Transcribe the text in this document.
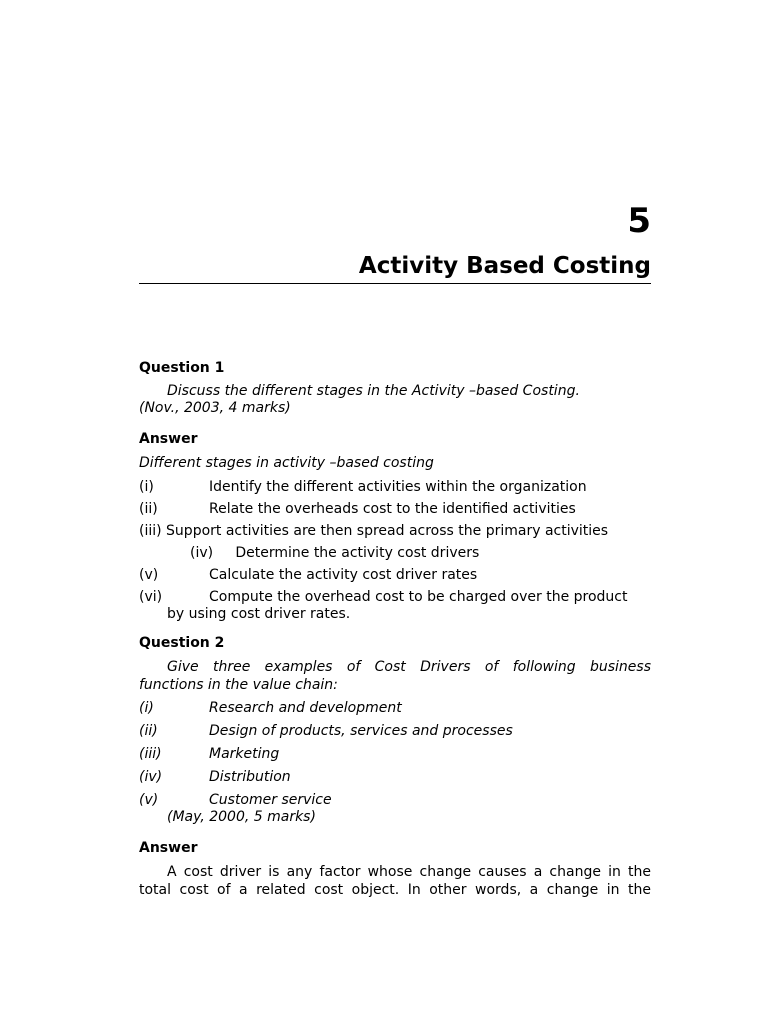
5
Activity Based Costing
Question 1
Discuss the different stages in the Activity –based Costing.
(Nov., 2003, 4 marks)
Answer
Different stages in activity –based costing
(i)	Identify the different activities within the organization
(ii)	Relate the overheads cost to the identified activities
(iii) Support activities are then spread across the primary activities
(iv)     Determine the activity cost drivers
(v)	Calculate the activity cost driver rates
(vi)	Compute the overhead cost to be charged over the product
by using cost driver rates.
Question 2
Give three examples of Cost Drivers of following business
functions in the value chain:
(i)	Research and development
(ii)	Design of products, services and processes
(iii)	Marketing
(iv)	Distribution
(v)	Customer service
(May, 2000, 5 marks)
Answer
A cost driver is any factor whose change causes a change in the
total cost of a related cost object. In other words, a change in the
